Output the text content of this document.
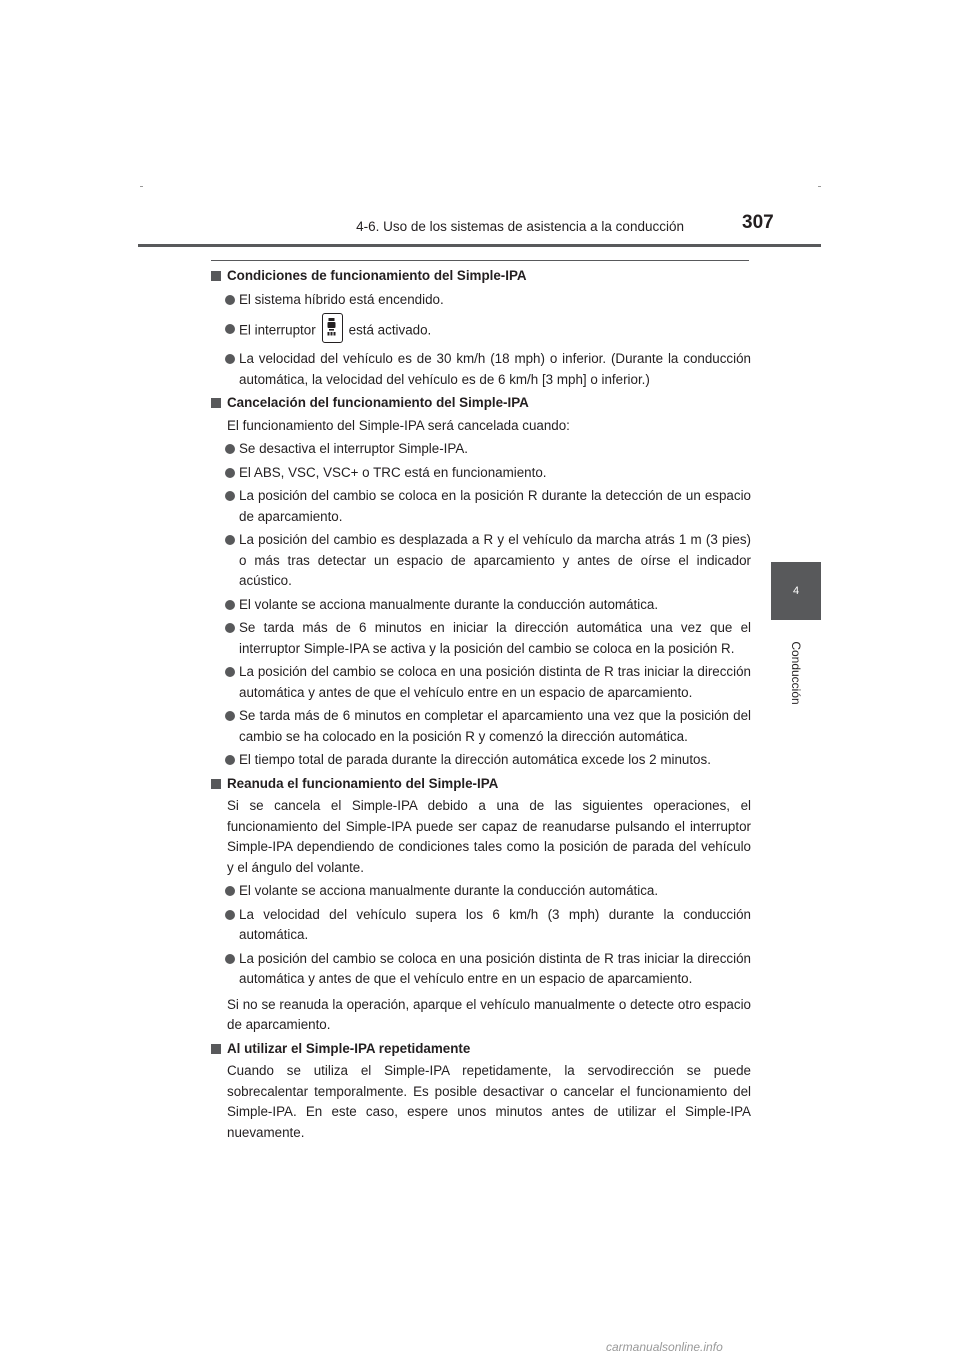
4-6. Uso de los sistemas de asistencia a la conducción	307
4
Conducción

Condiciones de funcionamiento del Simple-IPA

El sistema híbrido está encendido.

El interruptor está activado.

La velocidad del vehículo es de 30 km/h (18 mph) o inferior. (Durante la conducción automática, la velocidad del vehículo es de 6 km/h [3 mph] o inferior.)

Cancelación del funcionamiento del Simple-IPA

El funcionamiento del Simple-IPA será cancelada cuando:

Se desactiva el interruptor Simple-IPA.

El ABS, VSC, VSC+ o TRC está en funcionamiento.

La posición del cambio se coloca en la posición R durante la detección de un espacio de aparcamiento.

La posición del cambio es desplazada a R y el vehículo da marcha atrás 1 m (3 pies) o más tras detectar un espacio de aparcamiento y antes de oírse el indicador acústico.

El volante se acciona manualmente durante la conducción automática.

Se tarda más de 6 minutos en iniciar la dirección automática una vez que el interruptor Simple-IPA se activa y la posición del cambio se coloca en la posición R.

La posición del cambio se coloca en una posición distinta de R tras iniciar la dirección automática y antes de que el vehículo entre en un espacio de aparcamiento.

Se tarda más de 6 minutos en completar el aparcamiento una vez que la posición del cambio se ha colocado en la posición R y comenzó la dirección automática.

El tiempo total de parada durante la dirección automática excede los 2 minutos.

Reanuda el funcionamiento del Simple-IPA

Si se cancela el Simple-IPA debido a una de las siguientes operaciones, el funcionamiento del Simple-IPA puede ser capaz de reanudarse pulsando el interruptor Simple-IPA dependiendo de condiciones tales como la posición de parada del vehículo y el ángulo del volante.

El volante se acciona manualmente durante la conducción automática.

La velocidad del vehículo supera los 6 km/h (3 mph) durante la conducción automática.

La posición del cambio se coloca en una posición distinta de R tras iniciar la dirección automática y antes de que el vehículo entre en un espacio de aparcamiento.

Si no se reanuda la operación, aparque el vehículo manualmente o detecte otro espacio de aparcamiento.

Al utilizar el Simple-IPA repetidamente

Cuando se utiliza el Simple-IPA repetidamente, la servodirección se puede sobrecalentar temporalmente. Es posible desactivar o cancelar el funcionamiento del Simple-IPA. En este caso, espere unos minutos antes de utilizar el Simple-IPA nuevamente.

carmanualsonline.info
